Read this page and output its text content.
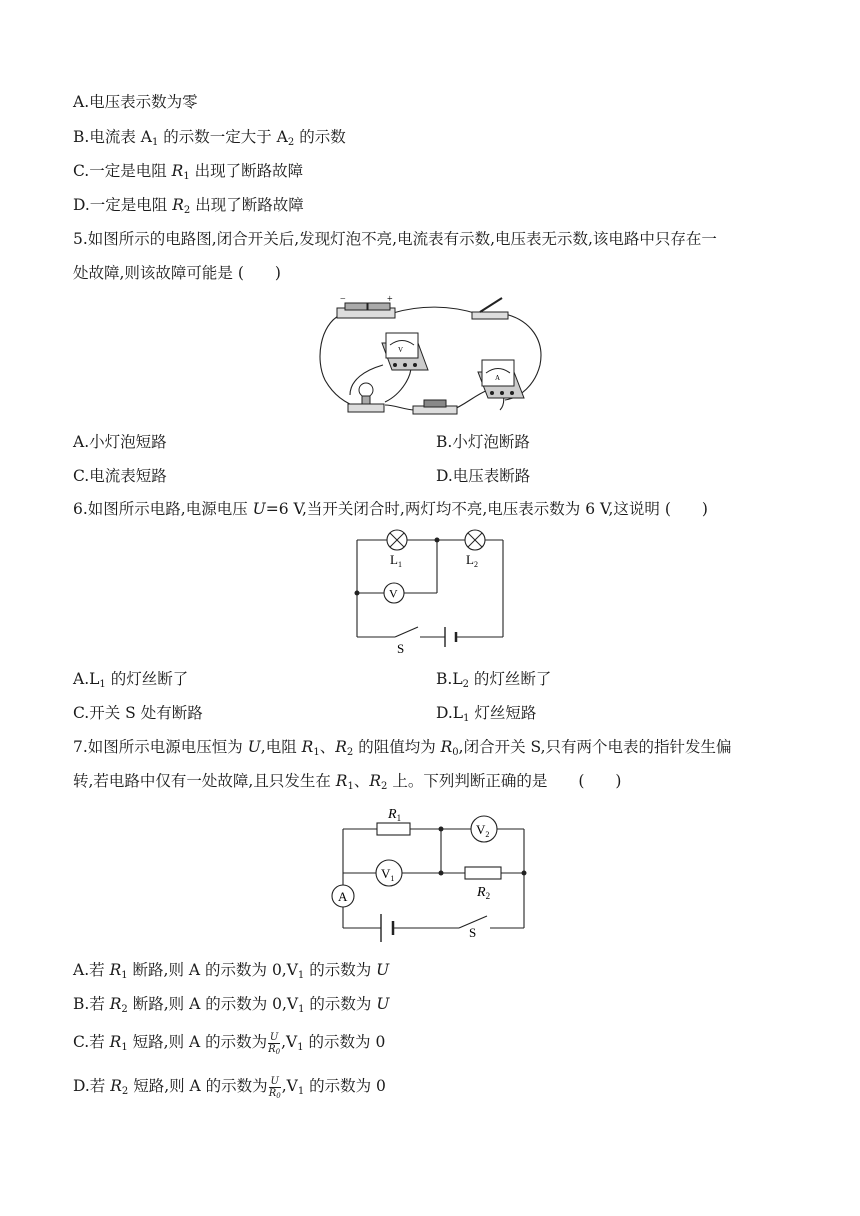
A.电压表示数为零
B.电流表 $A_1$ 的示数一定大于 $A_2$ 的示数
C.一定是电阻 $R_1$ 出现了断路故障
D.一定是电阻 $R_2$ 出现了断路故障
5.如图所示的电路图,闭合开关后,发现灯泡不亮,电流表有示数,电压表无示数,该电路中只存在一
处故障,则该故障可能是 (　　)
−	+
V
A
A.小灯泡短路	B.小灯泡断路
C.电流表短路	D.电压表断路
6.如图所示电路,电源电压 U=6 V,当开关闭合时,两灯均不亮,电压表示数为 6 V,这说明 (　　)
V
$L_1$	$L_2$
S
$A.L_1$ 的灯丝断了	$B.L_2$ 的灯丝断了
C.开关 S 处有断路	$D.L_1$ 灯丝短路
7.如图所示电源电压恒为 U,电阻 $R_1$、$R_2$ 的阻值均为 $R_0$,闭合开关 S,只有两个电表的指针发生偏
转,若电路中仅有一处故障,且只发生在 $R_1$、$R_2$ 上。下列判断正确的是　　(　　)
$R_1$
$R_2$
$V_2$
$V_1$
A
S
A.若 $R_1$ 断路,则 A 的示数为 $0,V_1$ 的示数为 U
B.若 $R_2$ 断路,则 A 的示数为 $0,V_1$ 的示数为 U
C.若 $R_1$ 短路,则 A 的示数为 $\frac{U}{R_0} ,V_1$ 的示数为 0
D.若 $R_2$ 短路,则 A 的示数为 $\frac{U}{R_0} ,V_1$ 的示数为 0
